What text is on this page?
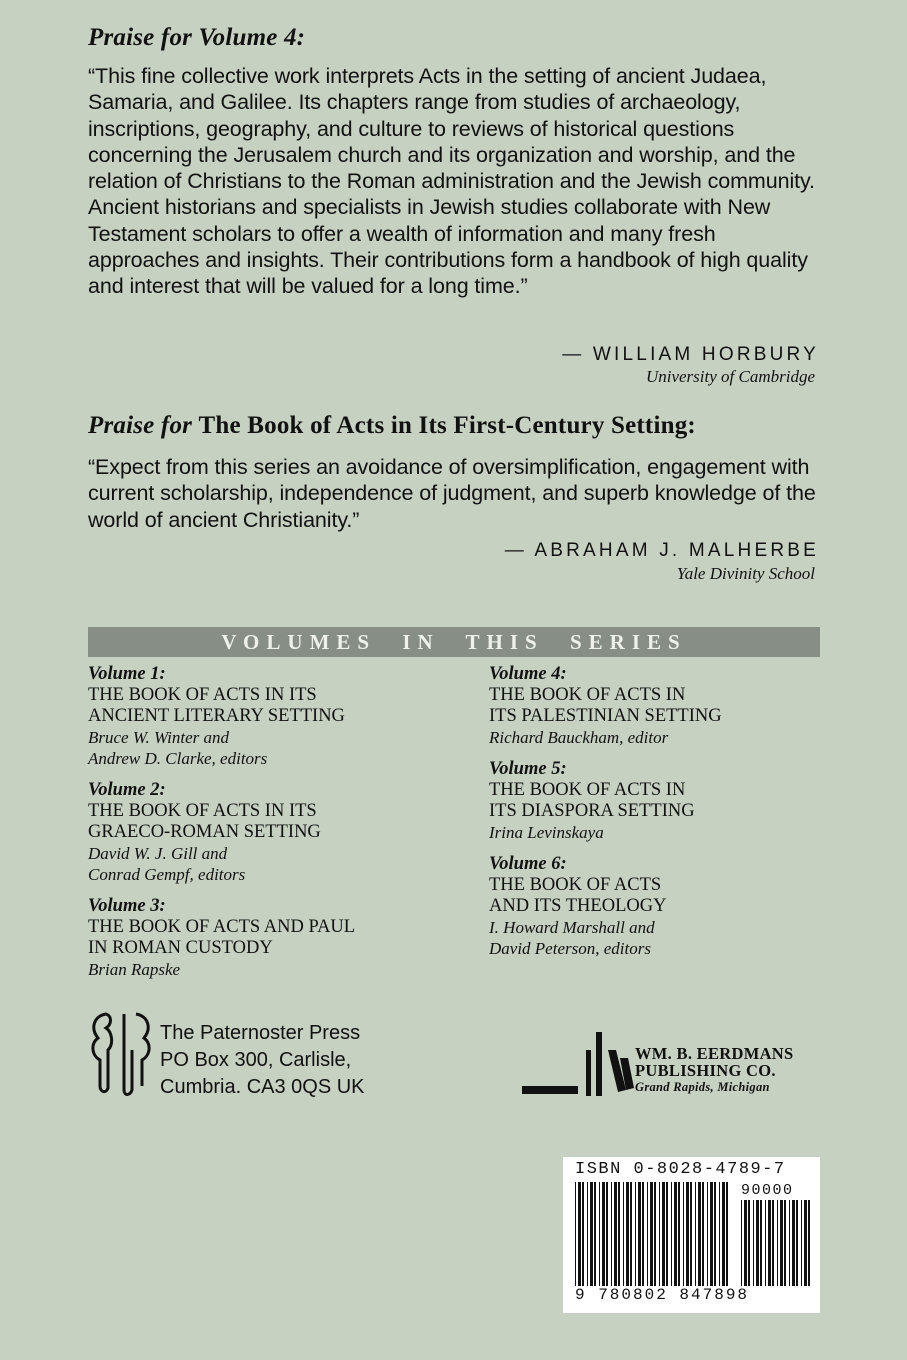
Praise for Volume 4:
“This fine collective work interprets Acts in the setting of ancient Judaea, Samaria, and Galilee. Its chapters range from studies of archaeology, inscriptions, geography, and culture to reviews of historical questions concerning the Jerusalem church and its organization and worship, and the relation of Christians to the Roman administration and the Jewish community. Ancient historians and specialists in Jewish studies collaborate with New Testament scholars to offer a wealth of information and many fresh approaches and insights. Their contributions form a handbook of high quality and interest that will be valued for a long time.”
— WILLIAM HORBURY
University of Cambridge
Praise for The Book of Acts in Its First-Century Setting:
“Expect from this series an avoidance of oversimplification, engagement with current scholarship, independence of judgment, and superb knowledge of the world of ancient Christianity.”
— ABRAHAM J. MALHERBE
Yale Divinity School
VOLUMES IN THIS SERIES
Volume 1:
THE BOOK OF ACTS IN ITS
ANCIENT LITERARY SETTING
Bruce W. Winter and
Andrew D. Clarke, editors
Volume 2:
THE BOOK OF ACTS IN ITS
GRAECO-ROMAN SETTING
David W. J. Gill and
Conrad Gempf, editors
Volume 3:
THE BOOK OF ACTS AND PAUL
IN ROMAN CUSTODY
Brian Rapske
Volume 4:
THE BOOK OF ACTS IN
ITS PALESTINIAN SETTING
Richard Bauckham, editor
Volume 5:
THE BOOK OF ACTS IN
ITS DIASPORA SETTING
Irina Levinskaya
Volume 6:
THE BOOK OF ACTS
AND ITS THEOLOGY
I. Howard Marshall and
David Peterson, editors
The Paternoster Press
PO Box 300, Carlisle,
Cumbria. CA3 0QS UK
WM. B. EERDMANS
PUBLISHING CO.
Grand Rapids, Michigan
ISBN 0-8028-4789-7
90000
9 780802 847898
